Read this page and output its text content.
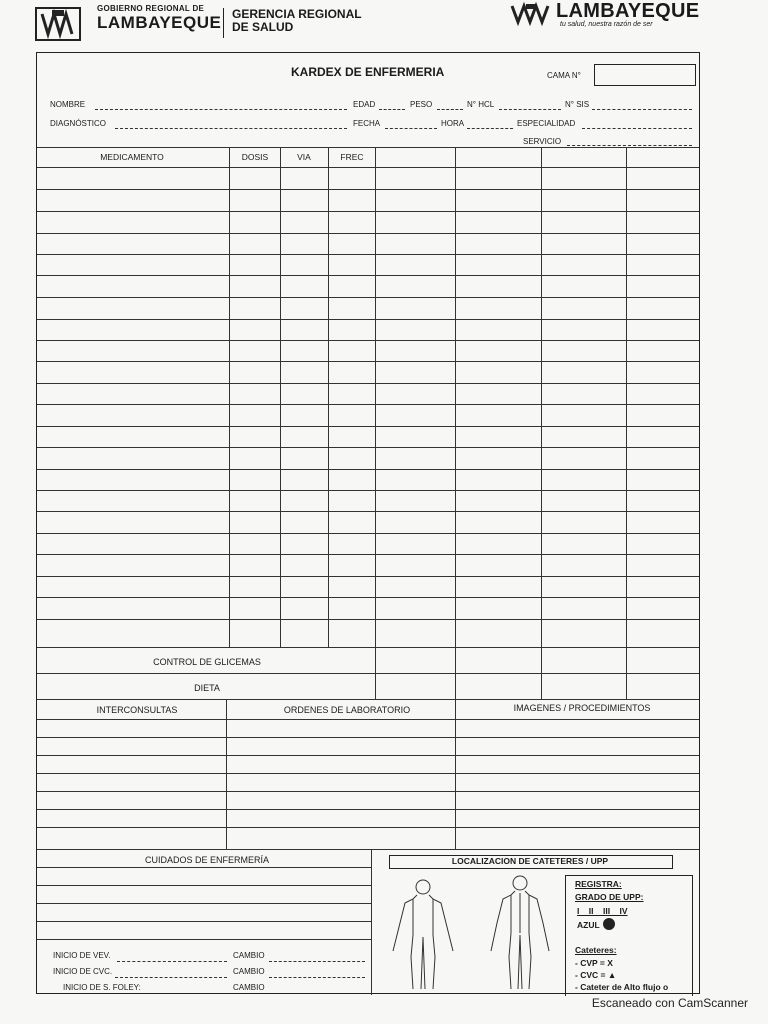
GOBIERNO REGIONAL DE
LAMBAYEQUE GERENCIA REGIONAL
DE SALUD
LAMBAYEQUE
tu salud, nuestra razón de ser
KARDEX DE ENFERMERIA	CAMA N°
NOMBRE	EDAD	PESO	N° HCL	N° SIS
DIAGNÓSTICO	FECHA	HORA	ESPECIALIDAD
SERVICIO
MEDICAMENTO	DOSIS	VIA	FREC
CONTROL DE GLICEMAS
DIETA
INTERCONSULTAS	ORDENES DE LABORATORIO	IMAGENES / PROCEDIMIENTOS
CUIDADOS DE ENFERMERÍA
INICIO DE VEV.	CAMBIO
INICIO DE CVC.	CAMBIO
INICIO DE S. FOLEY:	CAMBIO
LOCALIZACION DE CATETERES / UPP
REGISTRA:
GRADO DE UPP:
I    II    III    IV
AZUL
Cateteres:
- CVP = X
- CVC = ▲
- Cateter de Alto flujo o
Escaneado con CamScanner
